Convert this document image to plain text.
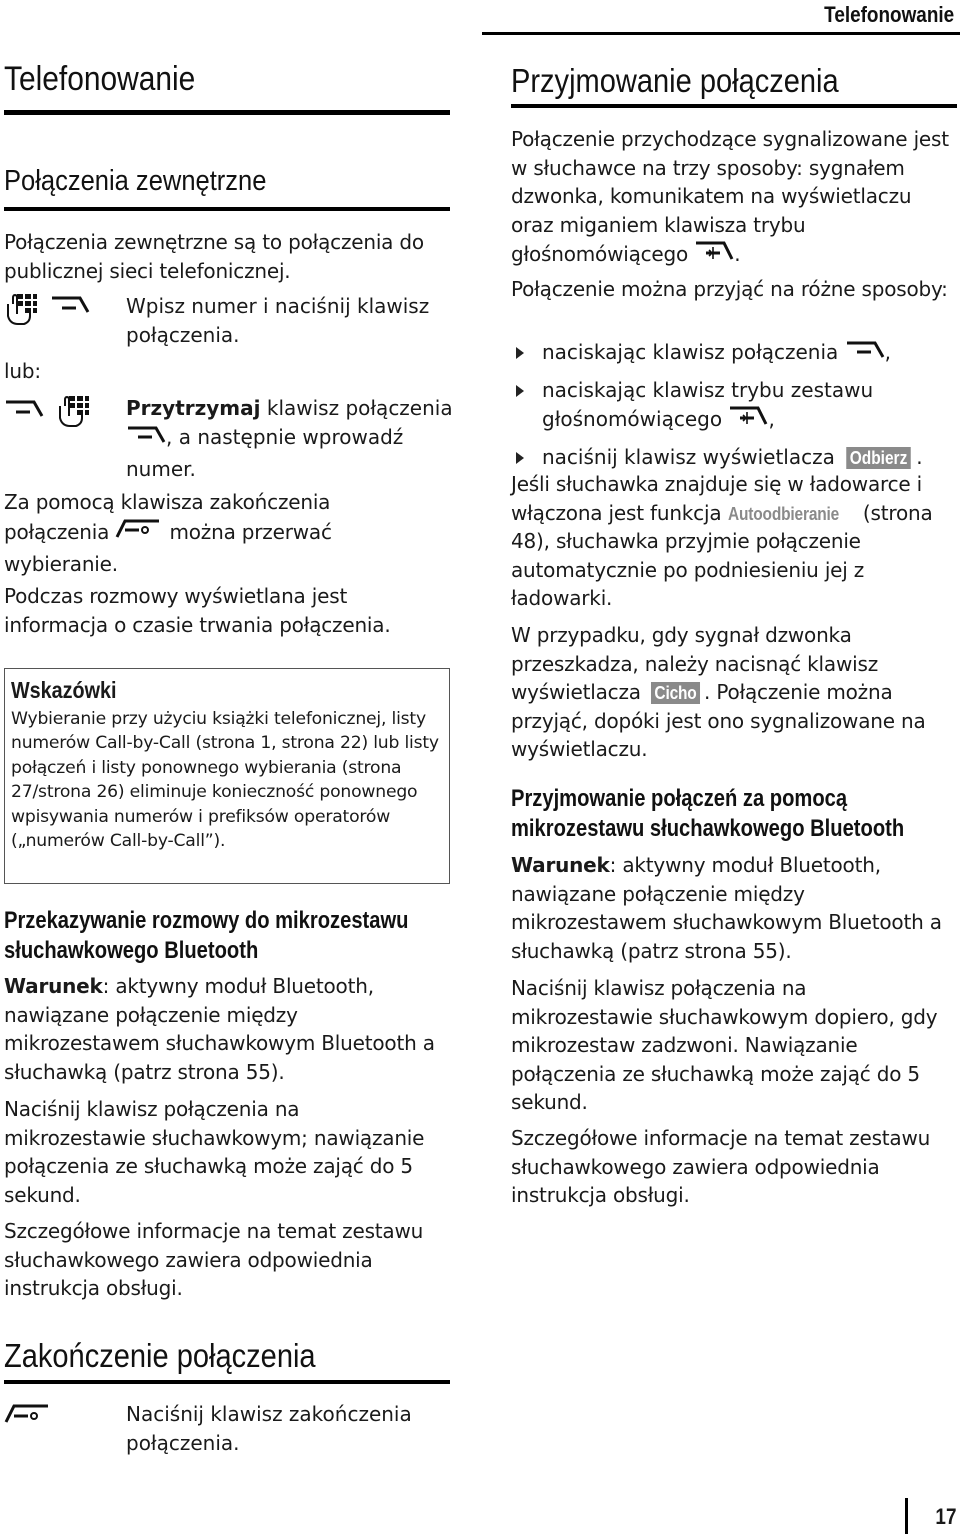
Telefonowanie
Telefonowanie
Połączenia zewnętrzne
Połączenia zewnętrzne są to połączenia do publicznej sieci telefonicznej.
Wpisz numer i naciśnij klawisz połączenia.
lub:
Przytrzymaj klawisz połączenia , a następnie wprowadź numer.
Za pomocą klawisza zakończenia
połączenia  można przerwać
wybieranie.
Podczas rozmowy wyświetlana jest informacja o czasie trwania połączenia.
Wskazówki
Wybieranie przy użyciu książki telefonicznej, listy numerów Call-by-Call (strona 1, strona 22) lub listy połączeń i listy ponownego wybierania (strona 27/strona 26) eliminuje konieczność ponownego wpisywania numerów i prefiksów operatorów („numerów Call-by-Call”).
Przekazywanie rozmowy do mikrozestawu słuchawkowego Bluetooth
Warunek: aktywny moduł Bluetooth, nawiązane połączenie między mikrozestawem słuchawkowym Bluetooth a słuchawką (patrz strona 55).
Naciśnij klawisz połączenia na mikrozestawie słuchawkowym; nawiązanie połączenia ze słuchawką może zająć do 5 sekund.
Szczegółowe informacje na temat zestawu słuchawkowego zawiera odpowiednia instrukcja obsługi.
Zakończenie połączenia
Naciśnij klawisz zakończenia połączenia.
Przyjmowanie połączenia
Połączenie przychodzące sygnalizowane jest w słuchawce na trzy sposoby: sygnałem dzwonka, komunikatem na wyświetlaczu oraz miganiem klawisza trybu głośnomówiącego .
Połączenie można przyjąć na różne sposoby:
naciskając klawisz połączenia ,
naciskając klawisz trybu zestawu głośnomówiącego ,
naciśnij klawisz wyświetlacza Odbierz .
Jeśli słuchawka znajduje się w ładowarce i włączona jest funkcja Autoodbieranie (strona 48), słuchawka przyjmie połączenie automatycznie po podniesieniu jej z ładowarki.
W przypadku, gdy sygnał dzwonka przeszkadza, należy nacisnąć klawisz wyświetlacza Cicho . Połączenie można przyjąć, dopóki jest ono sygnalizowane na wyświetlaczu.
Przyjmowanie połączeń za pomocą mikrozestawu słuchawkowego Bluetooth
Warunek: aktywny moduł Bluetooth, nawiązane połączenie między mikrozestawem słuchawkowym Bluetooth a słuchawką (patrz strona 55).
Naciśnij klawisz połączenia na mikrozestawie słuchawkowym dopiero, gdy mikrozestaw zadzwoni. Nawiązanie połączenia ze słuchawką może zająć do 5 sekund.
Szczegółowe informacje na temat zestawu słuchawkowego zawiera odpowiednia instrukcja obsługi.
17
